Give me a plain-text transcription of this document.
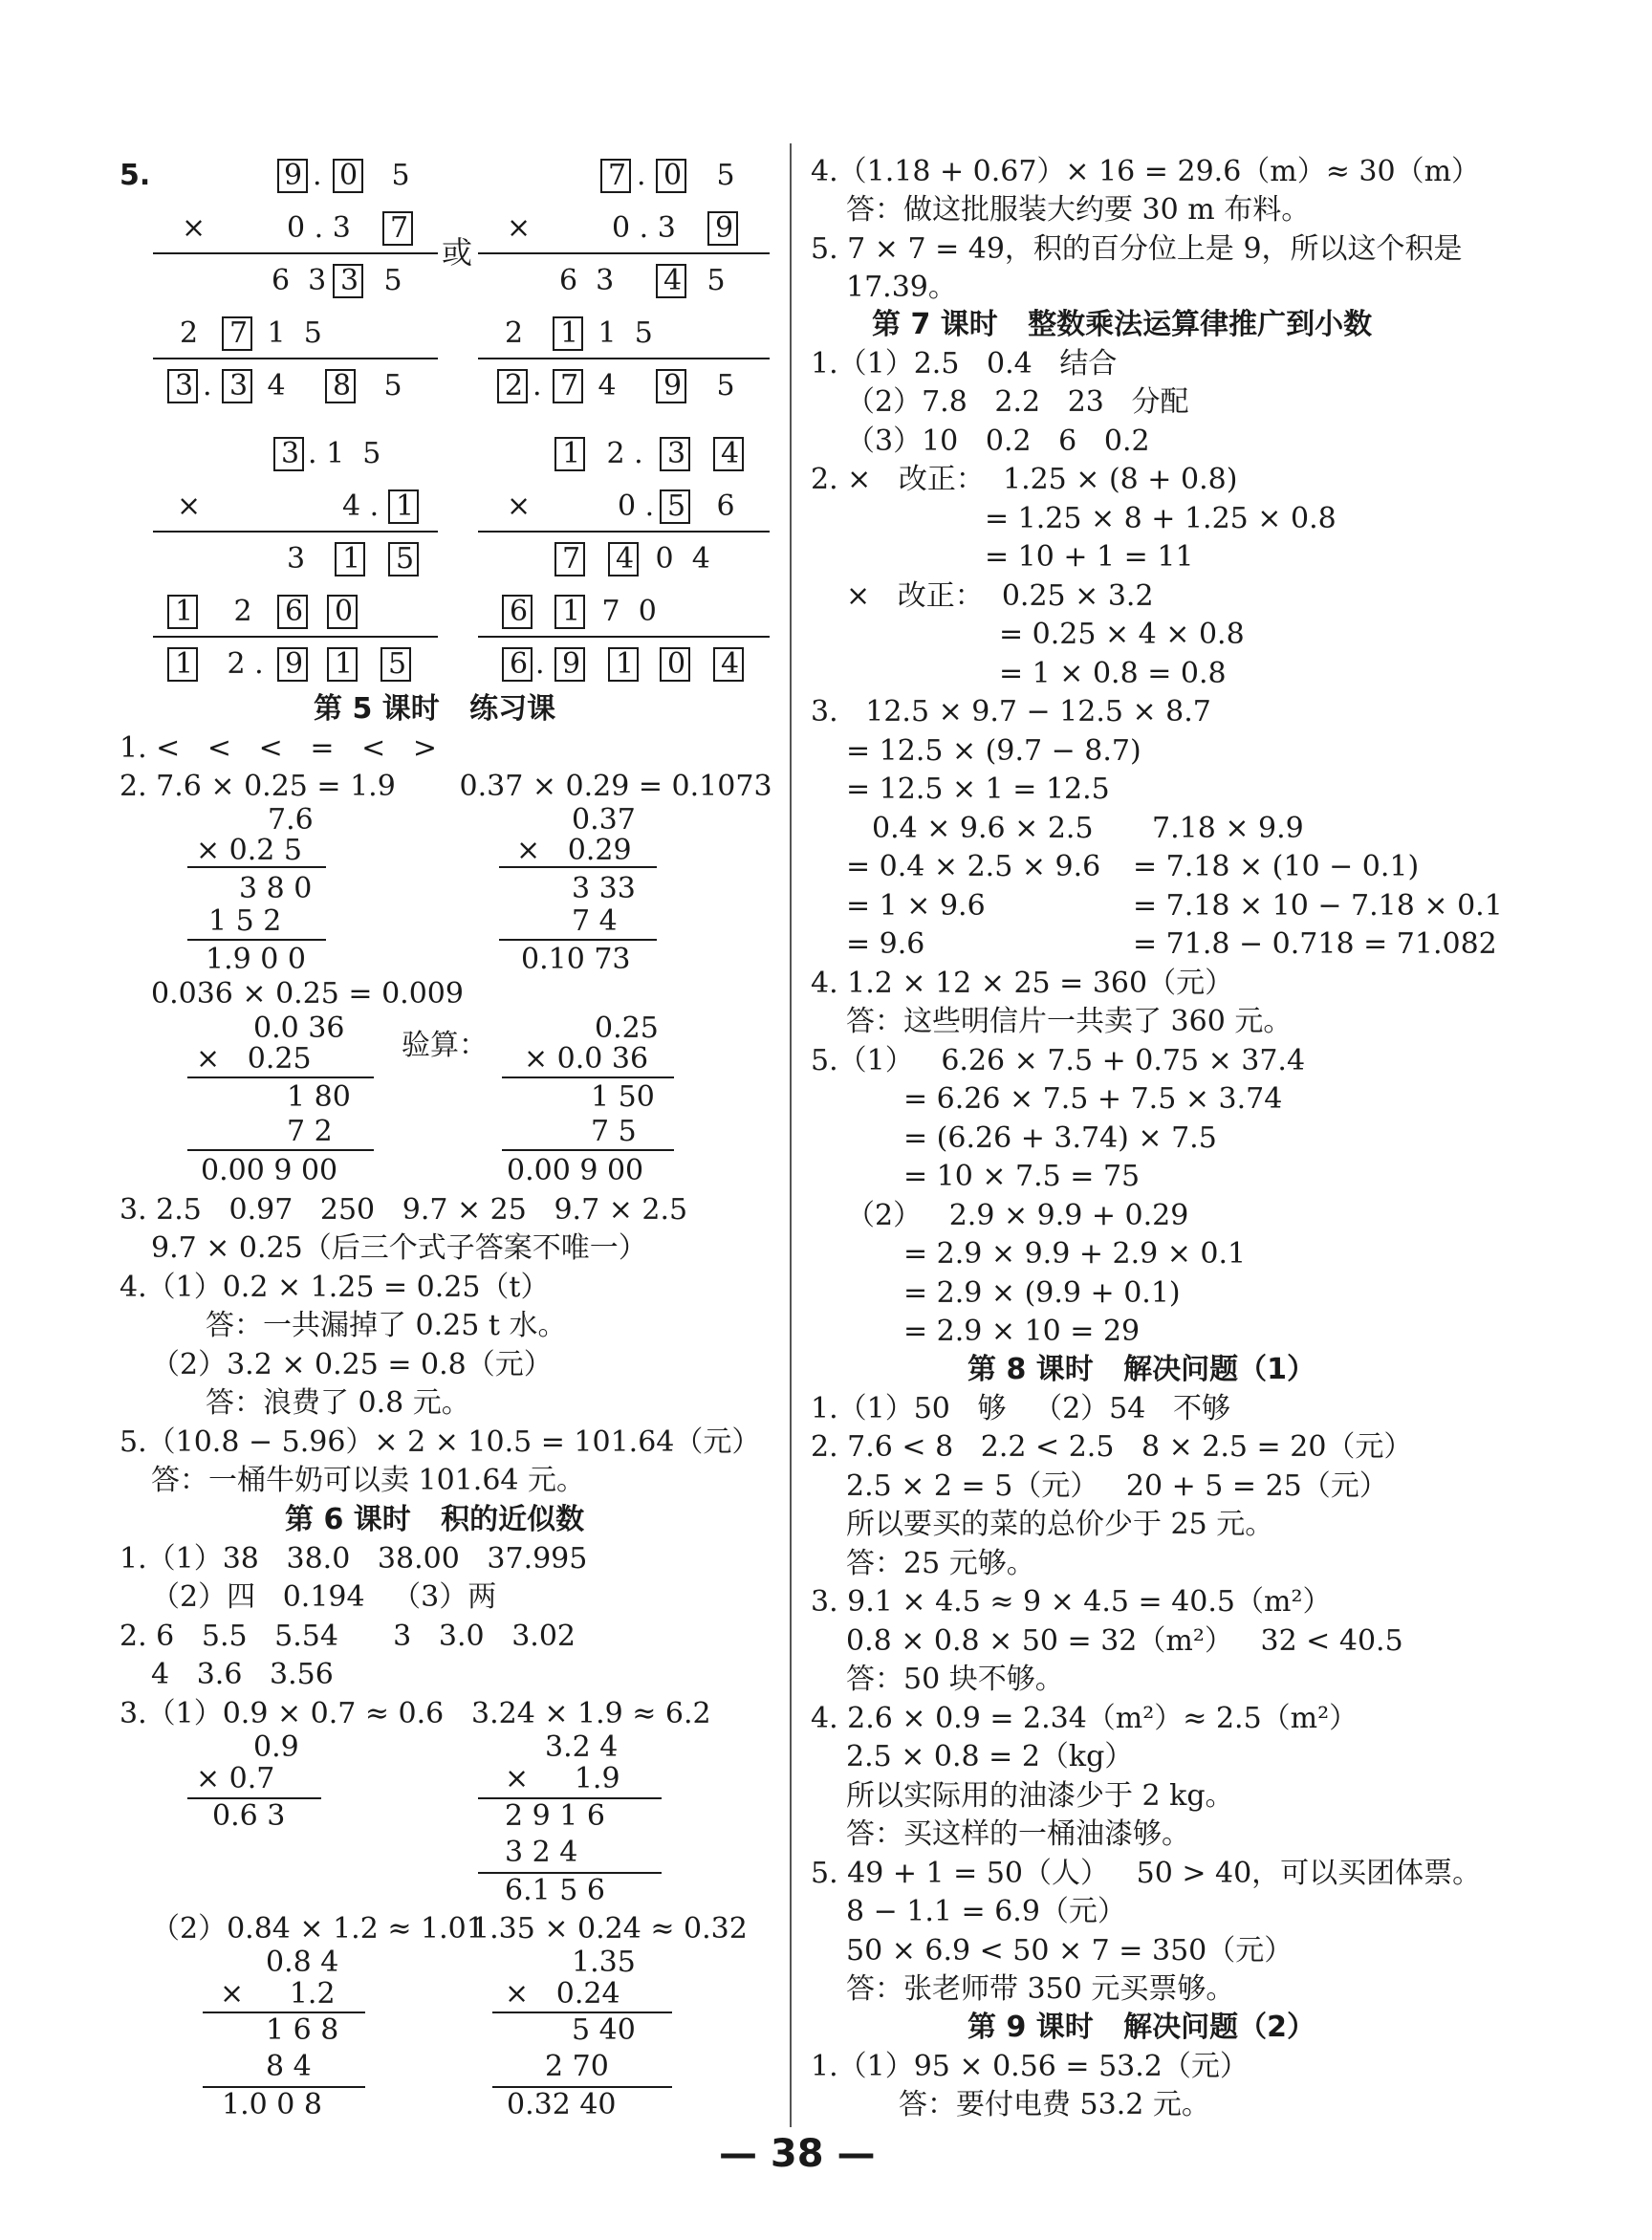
5.
或
9 . 0 5
×	0 . 3 7
6  3 3 5
2 7 1  5
3 . 3 4 8 5
7 . 0 5
×	0 . 3 9
6  3 4 5
2 1 1  5
2 . 7 4 9 5
3 . 1  5
×	4 . 1
3 1 5
1 2 6 0
1 2 . 9 1 5
1 2 . 3 4
×	0 . 5 6
7 4 0  4
6 1 7  0
6 . 9 1 0 4
第 5 课时   练习课
1. <   <   <   =   <   >
2. 7.6 × 0.25 = 1.9       0.37 × 0.29 = 0.1073
7.6
× 0.2 5
3 8 0
1 5 2
1.9 0 0
0.37
×   0.29
3 33
7 4
0.10 73
0.036 × 0.25 = 0.009
0.0 36
×   0.25
1 80
7 2
0.00 9 00
验算：
0.25
× 0.0 36
1 50
7 5
0.00 9 00
3. 2.5   0.97   250   9.7 × 25   9.7 × 2.5
9.7 × 0.25（后三个式子答案不唯一）
4.（1）0.2 × 1.25 = 0.25（t）
答：一共漏掉了 0.25 t 水。
（2）3.2 × 0.25 = 0.8（元）
答：浪费了 0.8 元。
5.（10.8 − 5.96）× 2 × 10.5 = 101.64（元）
答：一桶牛奶可以卖 101.64 元。
第 6 课时   积的近似数
1.（1）38   38.0   38.00   37.995
（2）四   0.194   （3）两
2. 6   5.5   5.54      3   3.0   3.02
4   3.6   3.56
3.（1）0.9 × 0.7 ≈ 0.6 3.24 × 1.9 ≈ 6.2
0.9
× 0.7
0.6 3
3.2 4
×     1.9
2 9 1 6
3 2 4
6.1 5 6
（2）0.84 × 1.2 ≈ 1.01
1.35 × 0.24 ≈ 0.32
0.8 4
×     1.2
1 6 8
8 4
1.0 0 8
1.35
×   0.24
5 40
2 70
0.32 40
4.（1.18 + 0.67）× 16 = 29.6（m）≈ 30（m）
答：做这批服装大约要 30 m 布料。
5. 7 × 7 = 49，积的百分位上是 9，所以这个积是
17.39。
第 7 课时   整数乘法运算律推广到小数
1.（1）2.5   0.4   结合
（2）7.8   2.2   23   分配
（3）10   0.2   6   0.2
2. ×   改正：  1.25 × (8 + 0.8)
= 1.25 × 8 + 1.25 × 0.8
= 10 + 1 = 11
×   改正：  0.25 × 3.2
= 0.25 × 4 × 0.8
= 1 × 0.8 = 0.8
3.   12.5 × 9.7 − 12.5 × 8.7
= 12.5 × (9.7 − 8.7)
= 12.5 × 1 = 12.5
0.4 × 9.6 × 2.5 7.18 × 9.9
= 0.4 × 2.5 × 9.6 = 7.18 × (10 − 0.1)
= 1 × 9.6	= 7.18 × 10 − 7.18 × 0.1
= 9.6	= 71.8 − 0.718 = 71.082
4. 1.2 × 12 × 25 = 360（元）
答：这些明信片一共卖了 360 元。
5.（1）   6.26 × 7.5 + 0.75 × 37.4
= 6.26 × 7.5 + 7.5 × 3.74
= (6.26 + 3.74) × 7.5
= 10 × 7.5 = 75
（2）   2.9 × 9.9 + 0.29
= 2.9 × 9.9 + 2.9 × 0.1
= 2.9 × (9.9 + 0.1)
= 2.9 × 10 = 29
第 8 课时   解决问题（1）
1.（1）50   够   （2）54   不够
2. 7.6 < 8   2.2 < 2.5   8 × 2.5 = 20（元）
2.5 × 2 = 5（元）   20 + 5 = 25（元）
所以要买的菜的总价少于 25 元。
答：25 元够。
3. 9.1 × 4.5 ≈ 9 × 4.5 = 40.5（m²）
0.8 × 0.8 × 50 = 32（m²）   32 < 40.5
答：50 块不够。
4. 2.6 × 0.9 = 2.34（m²）≈ 2.5（m²）
2.5 × 0.8 = 2（kg）
所以实际用的油漆少于 2 kg。
答：买这样的一桶油漆够。
5. 49 + 1 = 50（人）   50 > 40，可以买团体票。
8 − 1.1 = 6.9（元）
50 × 6.9 < 50 × 7 = 350（元）
答：张老师带 350 元买票够。
第 9 课时   解决问题（2）
1.（1）95 × 0.56 = 53.2（元）
答：要付电费 53.2 元。
— 38 —
